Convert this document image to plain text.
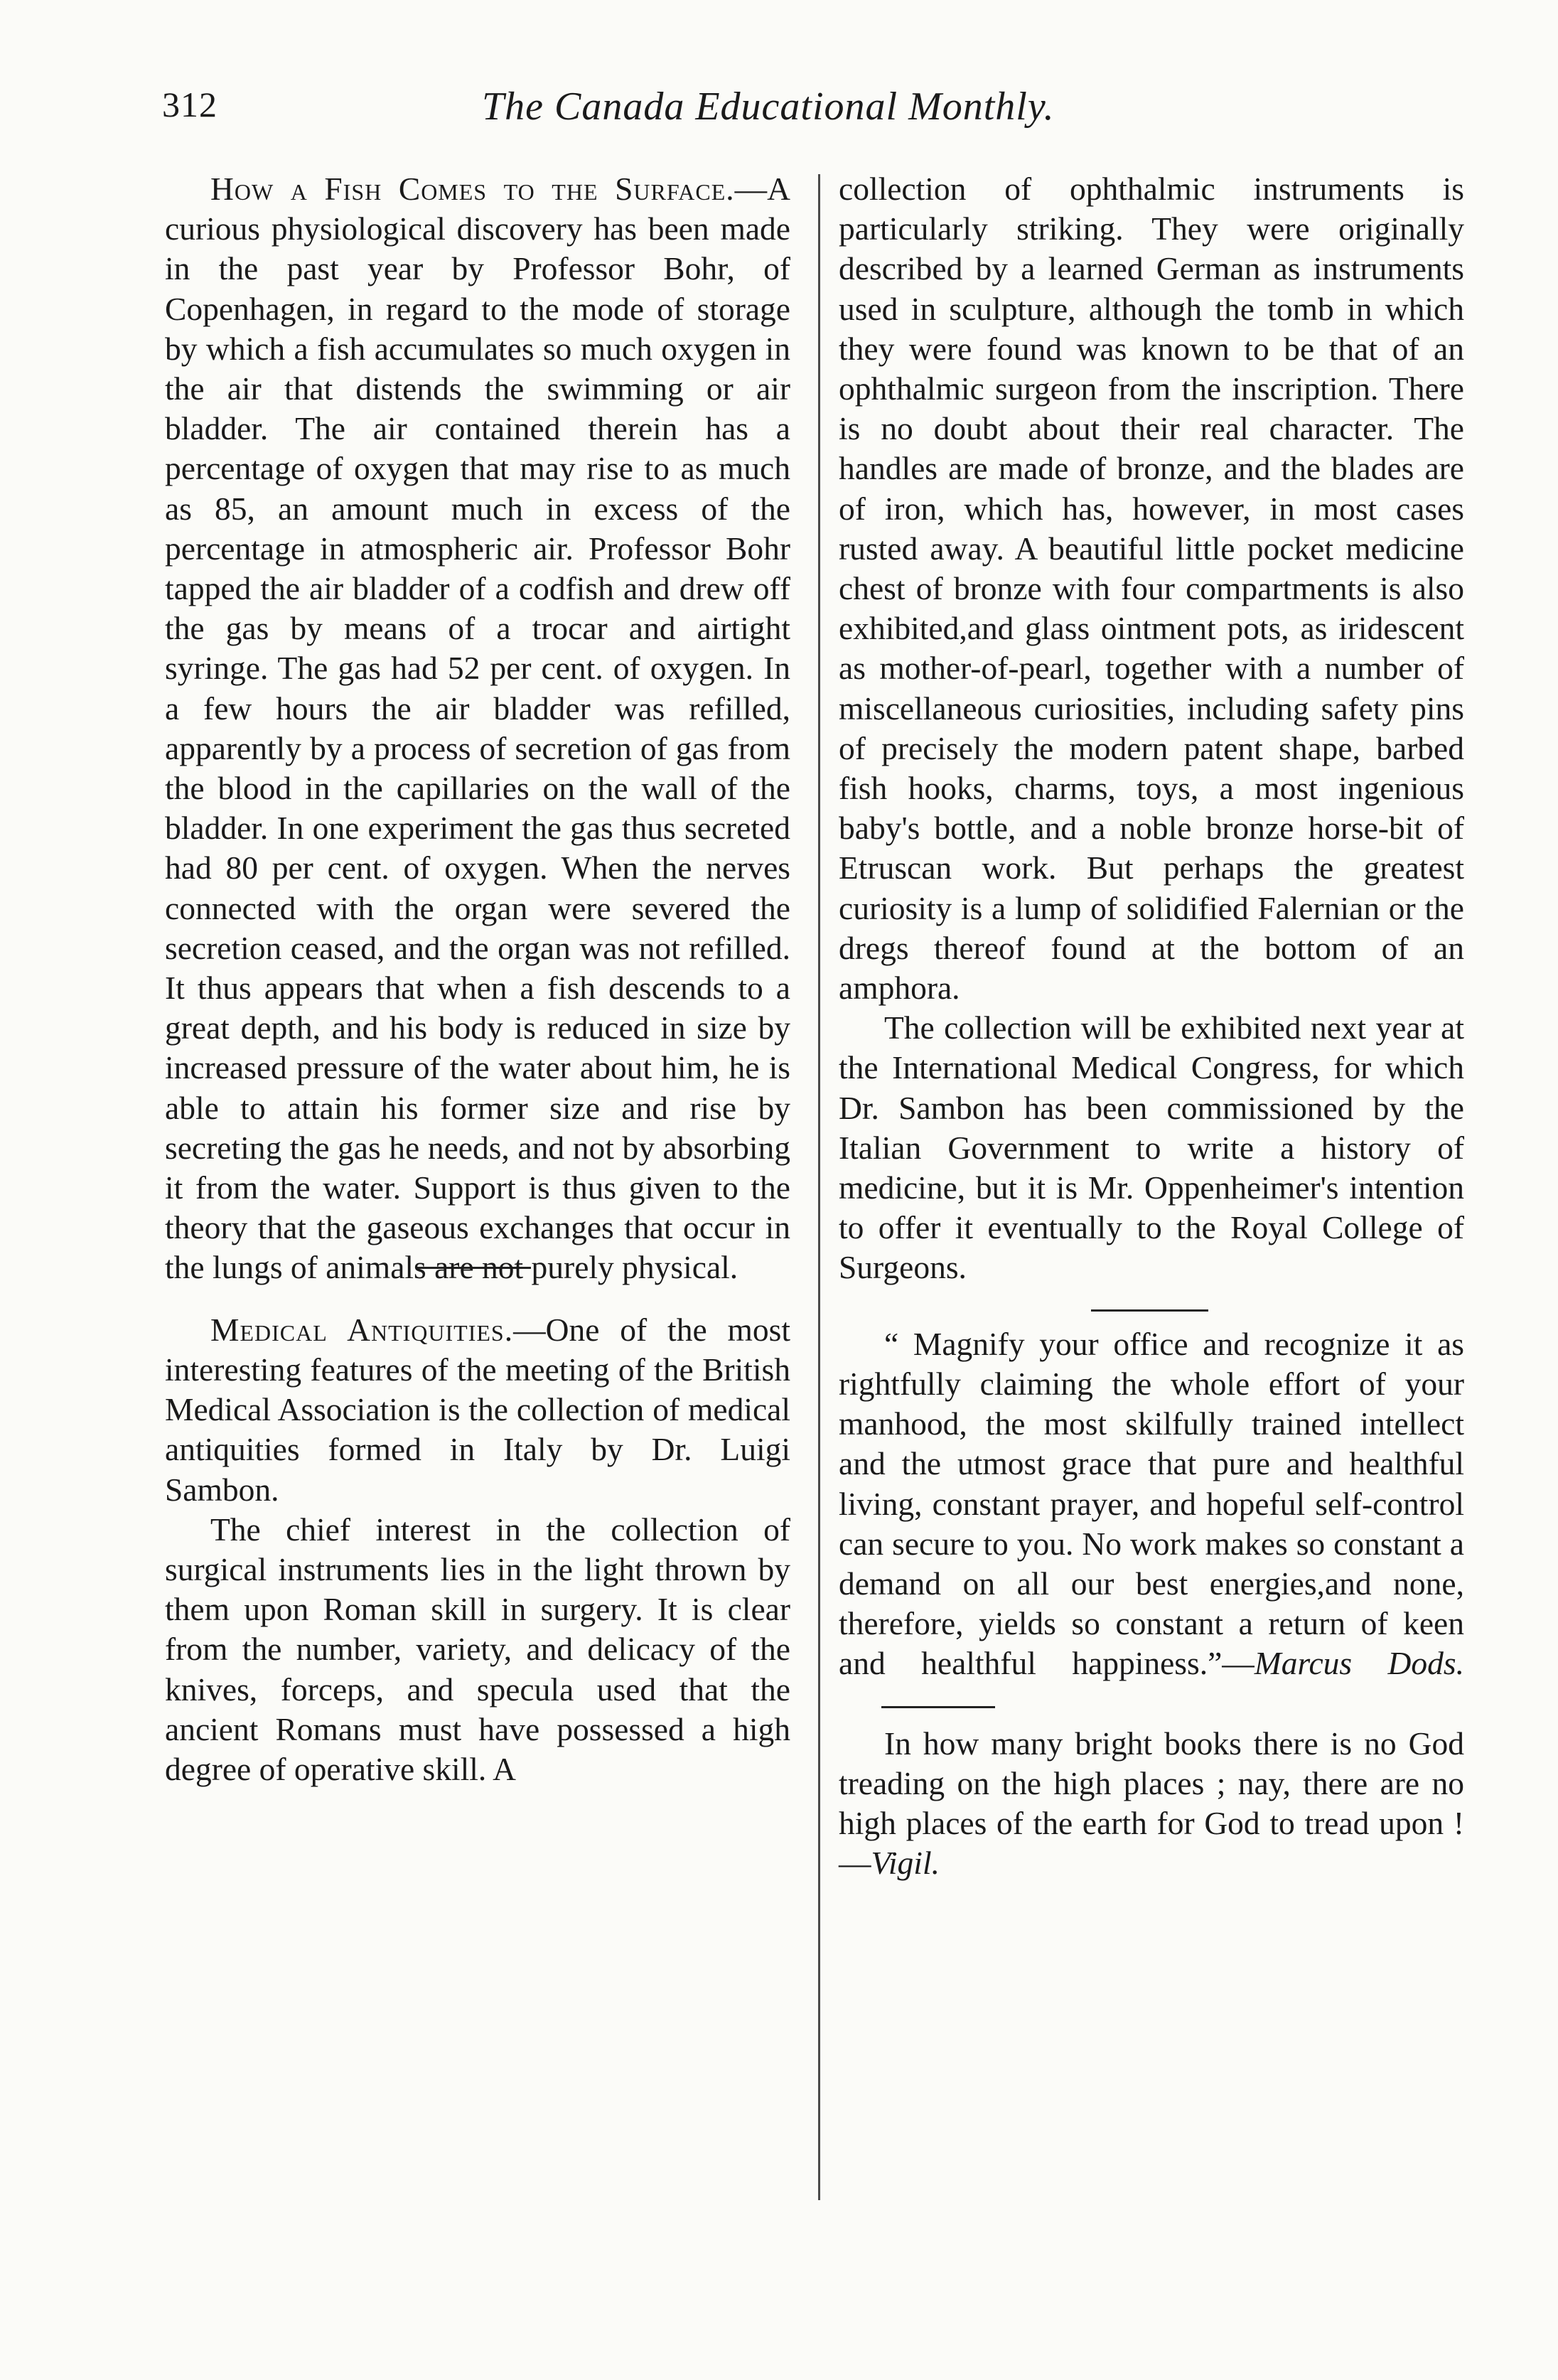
312	The Canada Educational Monthly.

How a Fish Comes to the Surface.—A curious physiological discovery has been made in the past year by Professor Bohr, of Copenhagen, in regard to the mode of storage by which a fish accumulates so much oxygen in the air that distends the swimming or air bladder. The air contained therein has a percentage of oxygen that may rise to as much as 85, an amount much in excess of the percentage in atmospheric air. Professor Bohr tapped the air bladder of a codfish and drew off the gas by means of a trocar and airtight syringe. The gas had 52 per cent. of oxygen. In a few hours the air bladder was refilled, apparently by a process of secretion of gas from the blood in the capillaries on the wall of the bladder. In one experiment the gas thus secreted had 80 per cent. of oxygen. When the nerves connected with the organ were severed the secretion ceased, and the organ was not refilled. It thus appears that when a fish descends to a great depth, and his body is reduced in size by increased pressure of the water about him, he is able to attain his former size and rise by secreting the gas he needs, and not by absorbing it from the water. Support is thus given to the theory that the gaseous exchanges that occur in the lungs of animals are not purely physical.

Medical Antiquities.—One of the most interesting features of the meeting of the British Medical Association is the collection of medical antiquities formed in Italy by Dr. Luigi Sambon.

The chief interest in the collection of surgical instruments lies in the light thrown by them upon Roman skill in surgery. It is clear from the number, variety, and delicacy of the knives, forceps, and specula used that the ancient Romans must have possessed a high degree of operative skill. A

collection of ophthalmic instruments is particularly striking. They were originally described by a learned German as instruments used in sculpture, although the tomb in which they were found was known to be that of an ophthalmic surgeon from the inscription. There is no doubt about their real character. The handles are made of bronze, and the blades are of iron, which has, however, in most cases rusted away. A beautiful little pocket medicine chest of bronze with four compartments is also exhibited,and glass ointment pots, as iridescent as mother-of-pearl, together with a number of miscellaneous curiosities, including safety pins of precisely the modern patent shape, barbed fish hooks, charms, toys, a most ingenious baby's bottle, and a noble bronze horse-bit of Etruscan work. But perhaps the greatest curiosity is a lump of solidified Falernian or the dregs thereof found at the bottom of an amphora.

The collection will be exhibited next year at the International Medical Congress, for which Dr. Sambon has been commissioned by the Italian Government to write a history of medicine, but it is Mr. Oppenheimer's intention to offer it eventually to the Royal College of Surgeons.

“ Magnify your office and recognize it as rightfully claiming the whole effort of your manhood, the most skilfully trained intellect and the utmost grace that pure and healthful living, constant prayer, and hopeful self-control can secure to you. No work makes so constant a demand on all our best energies,and none, therefore, yields so constant a return of keen and healthful happiness.”—Marcus Dods.

In how many bright books there is no God treading on the high places ; nay, there are no high places of the earth for God to tread upon !—Vigil.
